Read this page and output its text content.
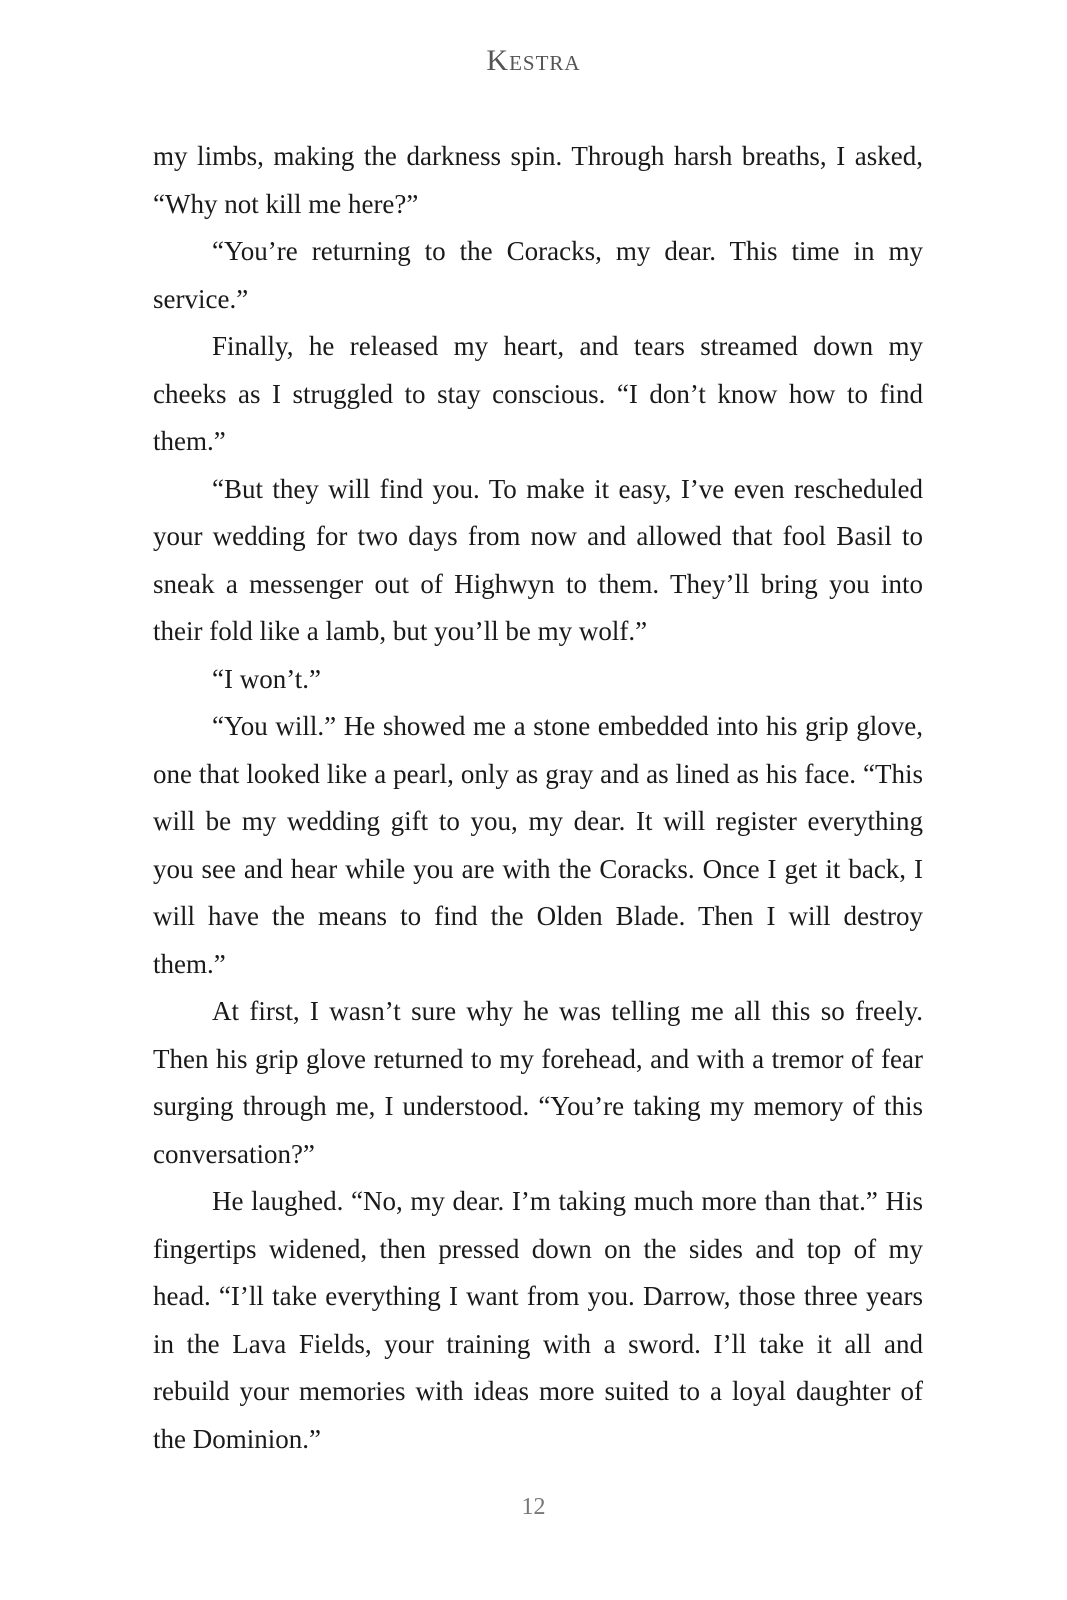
Kestra

my limbs, making the darkness spin. Through harsh breaths, I asked, “Why not kill me here?”

“You’re returning to the Coracks, my dear. This time in my service.”

Finally, he released my heart, and tears streamed down my cheeks as I struggled to stay conscious. “I don’t know how to find them.”

“But they will find you. To make it easy, I’ve even rescheduled your wedding for two days from now and allowed that fool Basil to sneak a messenger out of Highwyn to them. They’ll bring you into their fold like a lamb, but you’ll be my wolf.”

“I won’t.”

“You will.” He showed me a stone embedded into his grip glove, one that looked like a pearl, only as gray and as lined as his face. “This will be my wedding gift to you, my dear. It will register everything you see and hear while you are with the Coracks. Once I get it back, I will have the means to find the Olden Blade. Then I will destroy them.”

At first, I wasn’t sure why he was telling me all this so freely. Then his grip glove returned to my forehead, and with a tremor of fear surging through me, I understood. “You’re taking my memory of this conversation?”

He laughed. “No, my dear. I’m taking much more than that.” His fingertips widened, then pressed down on the sides and top of my head. “I’ll take everything I want from you. Darrow, those three years in the Lava Fields, your training with a sword. I’ll take it all and rebuild your memories with ideas more suited to a loyal daughter of the Dominion.”

12
